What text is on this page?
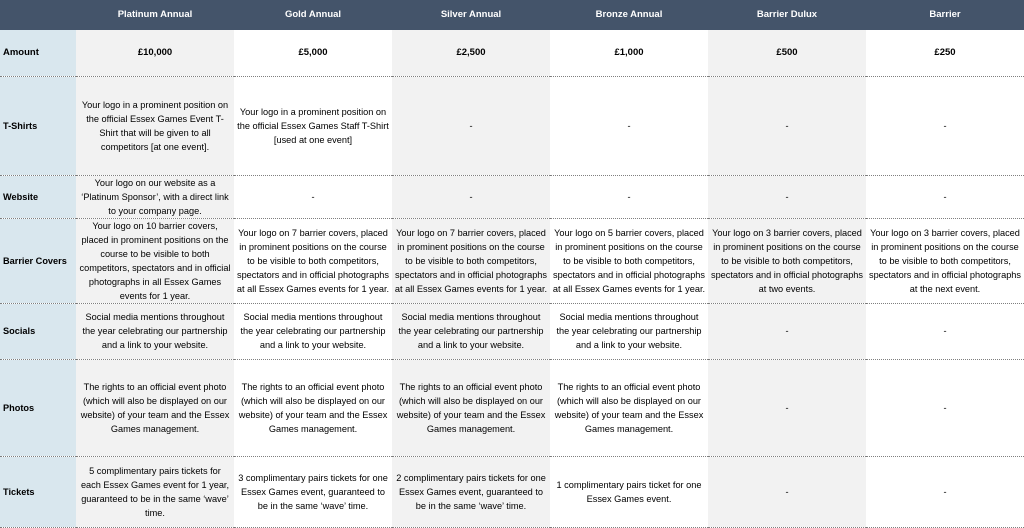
	Platinum Annual	Gold Annual	Silver Annual	Bronze Annual	Barrier Dulux	Barrier
Amount	£10,000	£5,000	£2,500	£1,000	£500	£250
T-Shirts	Your logo in a prominent position on the official Essex Games Event T-Shirt that will be given to all competitors [at one event].	Your logo in a prominent position on the official Essex Games Staff T-Shirt [used at one event]	-	-	-	-
Website	Your logo on our website as a ‘Platinum Sponsor’, with a direct link to your company page.	-	-	-	-	-
Barrier Covers	Your logo on 10 barrier covers, placed in prominent positions on the course to be visible to both competitors, spectators and in official photographs in all Essex Games events for 1 year.	Your logo on 7 barrier covers, placed in prominent positions on the course to be visible to both competitors, spectators and in official photographs at all Essex Games events for 1 year.	Your logo on 7 barrier covers, placed in prominent positions on the course to be visible to both competitors, spectators and in official photographs at all Essex Games events for 1 year.	Your logo on 5 barrier covers, placed in prominent positions on the course to be visible to both competitors, spectators and in official photographs at all Essex Games events for 1 year.	Your logo on 3 barrier covers, placed in prominent positions on the course to be visible to both competitors, spectators and in official photographs at two events.	Your logo on 3 barrier covers, placed in prominent positions on the course to be visible to both competitors, spectators and in official photographs at the next event.
Socials	Social media mentions throughout the year celebrating our partnership and a link to your website.	Social media mentions throughout the year celebrating our partnership and a link to your website.	Social media mentions throughout the year celebrating our partnership and a link to your website.	Social media mentions throughout the year celebrating our partnership and a link to your website.	-	-
Photos	The rights to an official event photo (which will also be displayed on our website) of your team and the Essex Games management.	The rights to an official event photo (which will also be displayed on our website) of your team and the Essex Games management.	The rights to an official event photo (which will also be displayed on our website) of your team and the Essex Games management.	The rights to an official event photo (which will also be displayed on our website) of your team and the Essex Games management.	-	-
Tickets	5 complimentary pairs tickets for each Essex Games event for 1 year, guaranteed to be in the same ‘wave’ time.	3 complimentary pairs tickets for one Essex Games event, guaranteed to be in the same ‘wave’ time.	2 complimentary pairs tickets for one Essex Games event, guaranteed to be in the same ‘wave’ time.	1 complimentary pairs ticket for one Essex Games event.	-	-
